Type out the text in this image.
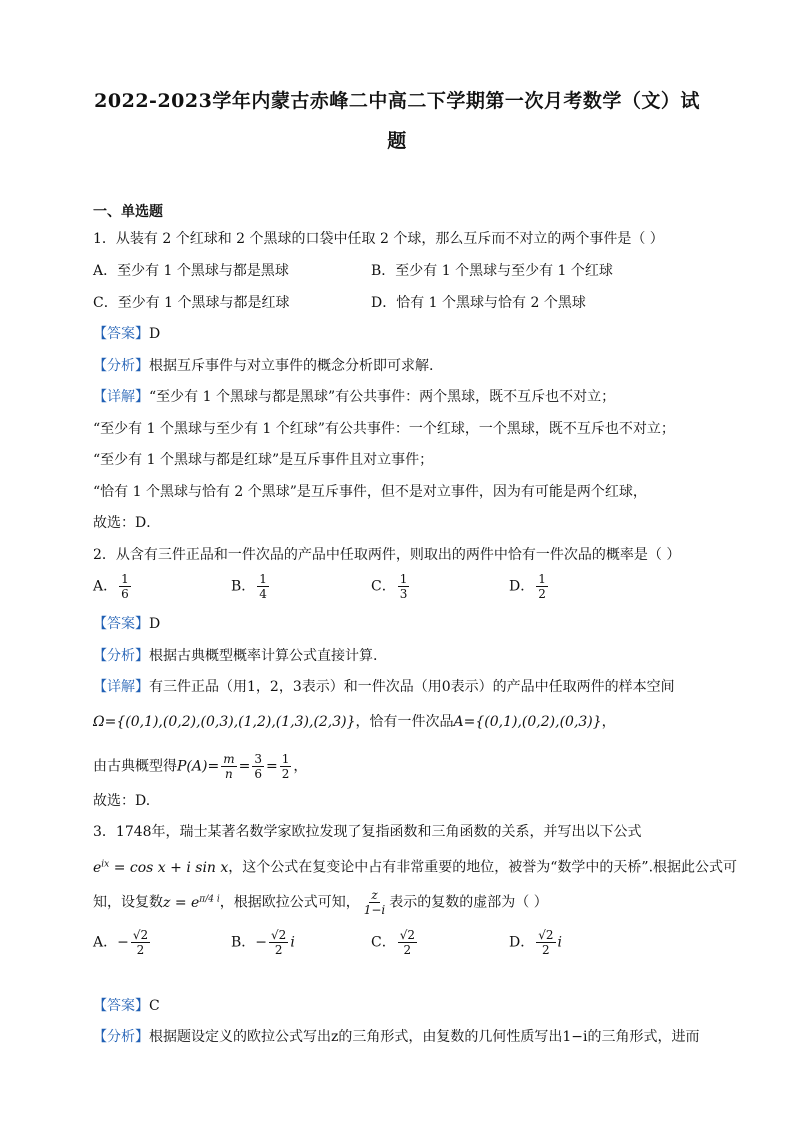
2022-2023学年内蒙古赤峰二中高二下学期第一次月考数学（文）试
题
一、单选题
1．从装有 2 个红球和 2 个黑球的口袋中任取 2 个球，那么互斥而不对立的两个事件是（ ）
A．至少有 1 个黑球与都是黑球	B．至少有 1 个黑球与至少有 1 个红球
C．至少有 1 个黑球与都是红球	D．恰有 1 个黑球与恰有 2 个黑球
【答案】D
【分析】根据互斥事件与对立事件的概念分析即可求解.
【详解】“至少有 1 个黑球与都是黑球”有公共事件：两个黑球，既不互斥也不对立；
“至少有 1 个黑球与至少有 1 个红球”有公共事件：一个红球，一个黑球，既不互斥也不对立；
“至少有 1 个黑球与都是红球”是互斥事件且对立事件；
“恰有 1 个黑球与恰有 2 个黑球”是互斥事件，但不是对立事件，因为有可能是两个红球，
故选：D．
2．从含有三件正品和一件次品的产品中任取两件，则取出的两件中恰有一件次品的概率是（ ）
A． $\frac{1}{6}$	B． $\frac{1}{4}$	C． $\frac{1}{3}$	D． $\frac{1}{2}$
【答案】D
【分析】根据古典概型概率计算公式直接计算.
【详解】有三件正品（用1，2，3表示）和一件次品（用0表示）的产品中任取两件的样本空间
Ω={(0,1),(0,2),(0,3),(1,2),(1,3),(2,3)}，恰有一件次品A={(0,1),(0,2),(0,3)}，
由古典概型得$P(A)= \frac{m}{n} = \frac{3}{6} = \frac{1}{2}$ ，
故选：D.
3．1748年，瑞士某著名数学家欧拉发现了复指函数和三角函数的关系，并写出以下公式
$e^{ix} = \cos x + i$ sin x，这个公式在复变论中占有非常重要的地位，被誉为“数学中的天桥”.根据此公式可
知，设复数$z = e^{\pi/4 i}$，根据欧拉公式可知， $\frac{z}{1-i}$ 表示的复数的虚部为（ ）
A．− $\frac{√2}{2}$	B．− $\frac{√2}{2}$ i	C． $\frac{√2}{2}$	D． $\frac{√2}{2}$ i
【答案】C
【分析】根据题设定义的欧拉公式写出z的三角形式，由复数的几何性质写出1−i的三角形式，进而
